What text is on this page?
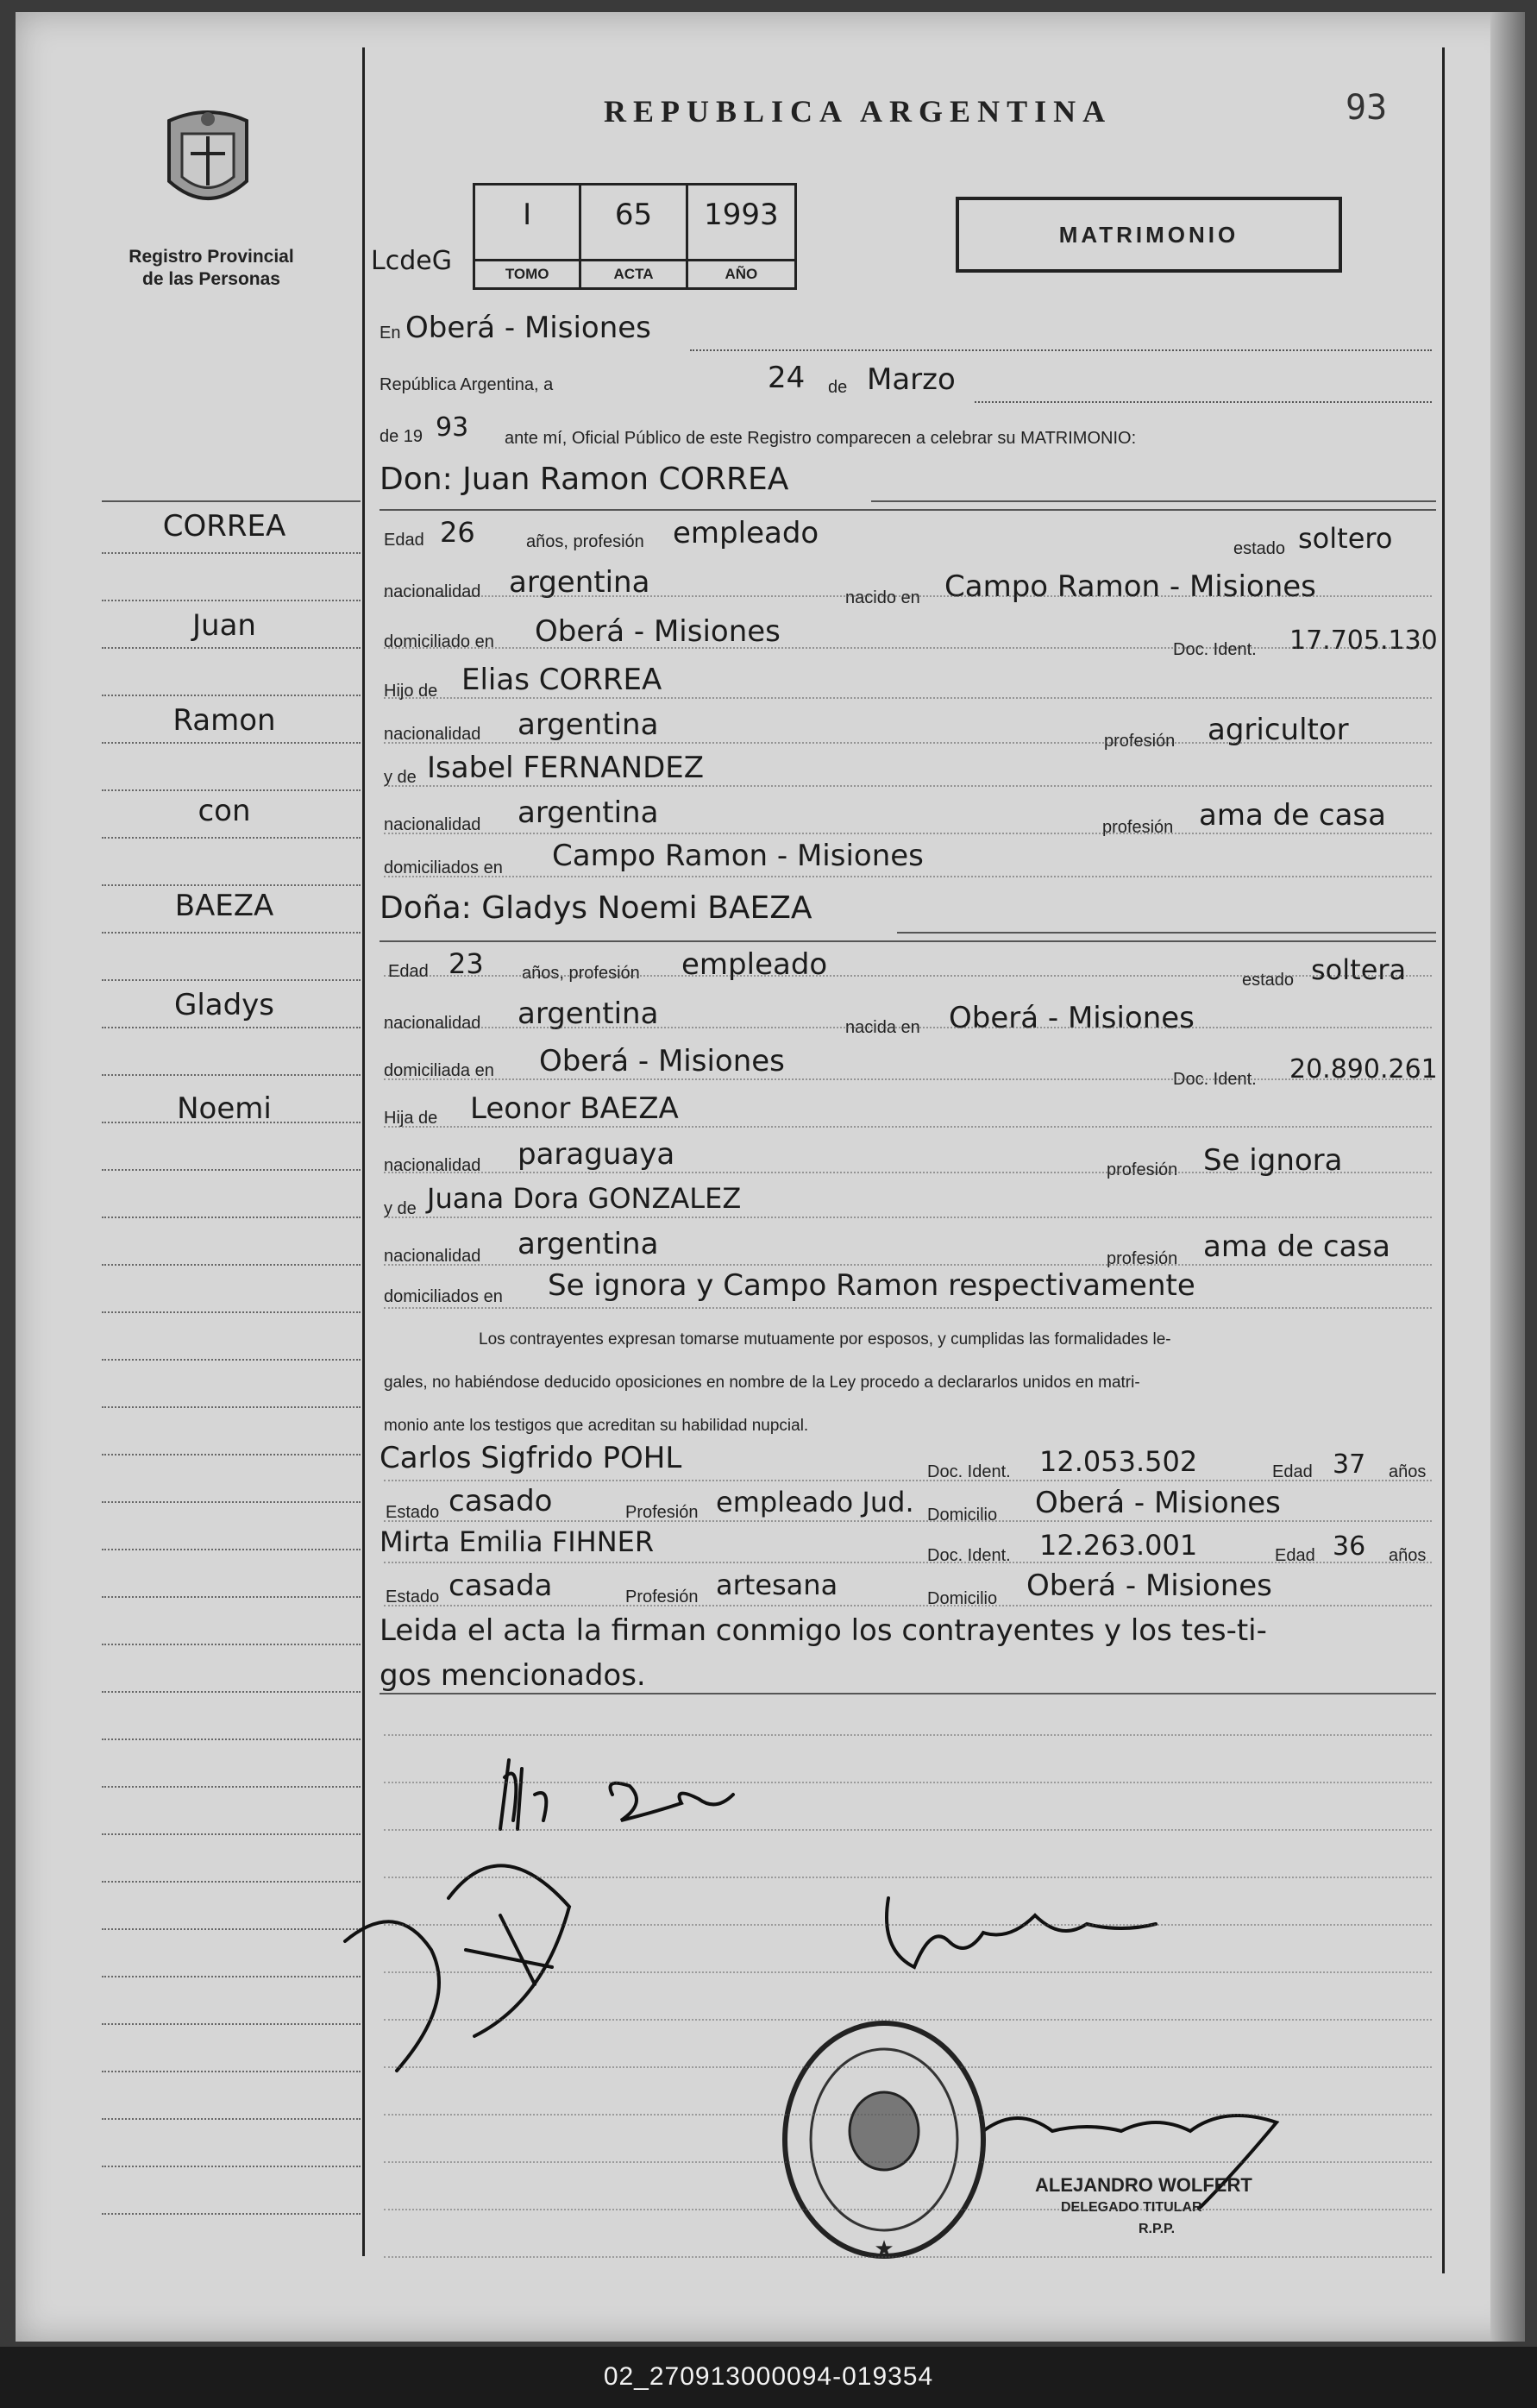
Registro Provincial
de las Personas
REPUBLICA ARGENTINA	93
MATRIMONIO
LcdeG
I
TOMO
65
ACTA
1993
AÑO
CORREA
Juan
Ramon
con
BAEZA
Gladys
Noemi
En Oberá - Misiones
República Argentina, a	24 de Marzo
de 19 93 ante mí, Oficial Público de este Registro comparecen a celebrar su MATRIMONIO:
Don: Juan Ramon CORREA
Edad 26	años, profesión empleado	estado soltero
nacionalidad argentina	nacido en Campo Ramon - Misiones
domiciliado en Oberá - Misiones
Doc. Ident. 17.705.130
Hijo de Elias CORREA
nacionalidad argentina	profesión agricultor
y de Isabel FERNANDEZ
nacionalidad argentina	profesión ama de casa
domiciliados en Campo Ramon - Misiones
Doña: Gladys Noemi BAEZA
Edad 23 años, profesión empleado	estado soltera
nacionalidad argentina	nacida en Oberá - Misiones
domiciliada en Oberá - Misiones
Doc. Ident. 20.890.261
Hija de Leonor BAEZA
nacionalidad paraguaya	profesión Se ignora
y de Juana Dora GONZALEZ
nacionalidad argentina	profesión ama de casa
domiciliados en Se ignora y Campo Ramon respectivamente
Los contrayentes expresan tomarse mutuamente por esposos, y cumplidas las formalidades le-
gales, no habiéndose deducido oposiciones en nombre de la Ley procedo a declararlos unidos en matri-
monio ante los testigos que acreditan su habilidad nupcial.
Carlos Sigfrido POHL	Doc. Ident. 12.053.502	Edad 37 años
Estado casado	Profesión empleado Jud. Domicilio Oberá - Misiones
Mirta Emilia FIHNER	Doc. Ident. 12.263.001	Edad 36 años
Estado casada	Profesión artesana	Domicilio Oberá - Misiones
Leida el acta la firman conmigo los contrayentes y los tes-ti-
gos mencionados.
★
ALEJANDRO WOLFERT
DELEGADO TITULAR
R.P.P.
02_270913000094-019354
